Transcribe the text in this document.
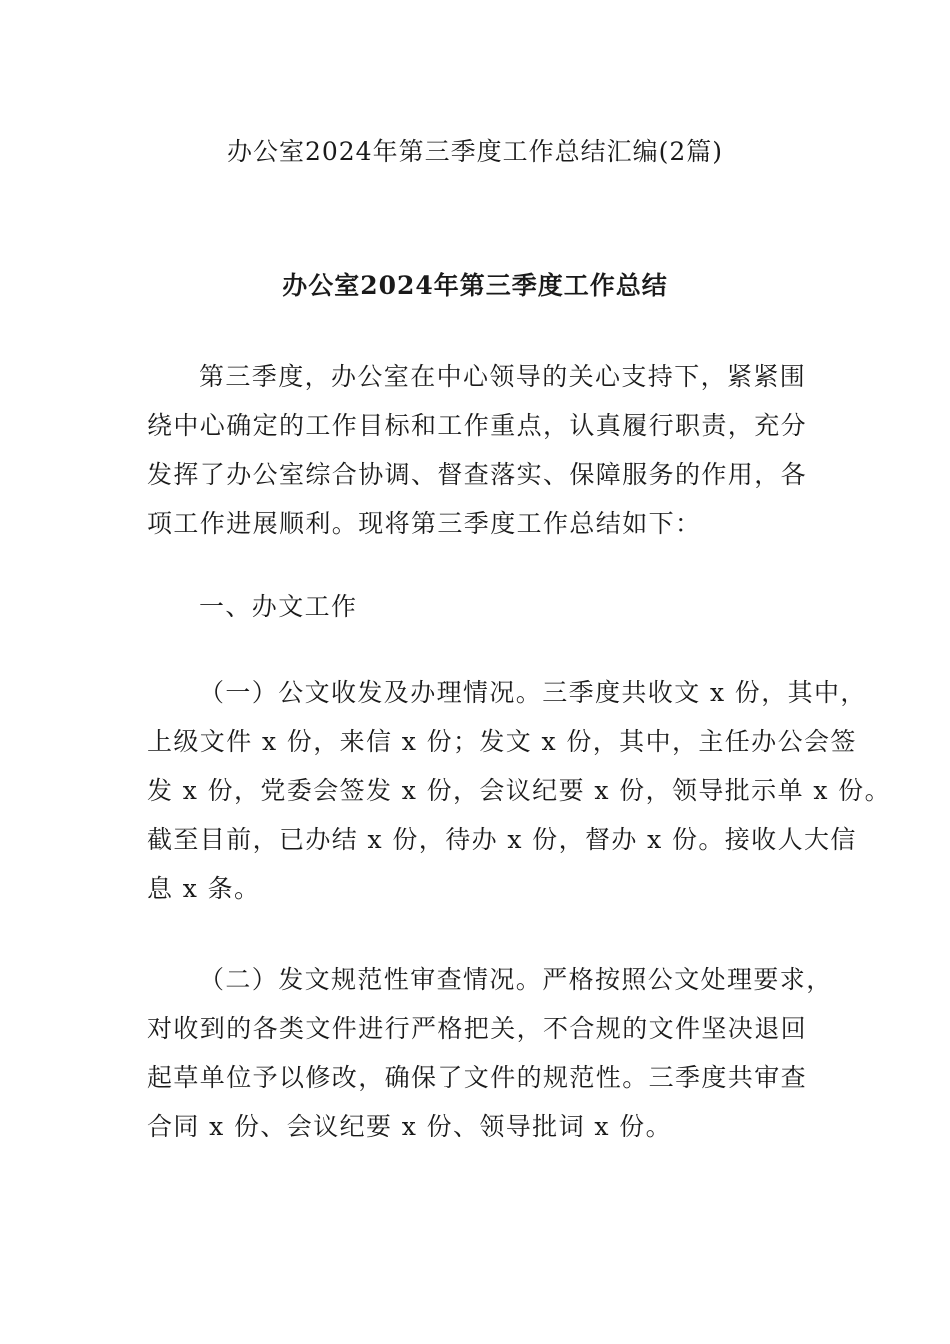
办公室2024年第三季度工作总结汇编(2篇)
办公室2024年第三季度工作总结
第三季度，办公室在中心领导的关心支持下，紧紧围
绕中心确定的工作目标和工作重点，认真履行职责，充分
发挥了办公室综合协调、督查落实、保障服务的作用，各
项工作进展顺利。现将第三季度工作总结如下：
一、办文工作
（一）公文收发及办理情况。三季度共收文 x 份，其中，
上级文件 x 份，来信 x 份；发文 x 份，其中，主任办公会签
发 x 份，党委会签发 x 份，会议纪要 x 份，领导批示单 x 份。
截至目前，已办结 x 份，待办 x 份，督办 x 份。接收人大信
息 x 条。
（二）发文规范性审查情况。严格按照公文处理要求，
对收到的各类文件进行严格把关，不合规的文件坚决退回
起草单位予以修改，确保了文件的规范性。三季度共审查
合同 x 份、会议纪要 x 份、领导批词 x 份。
